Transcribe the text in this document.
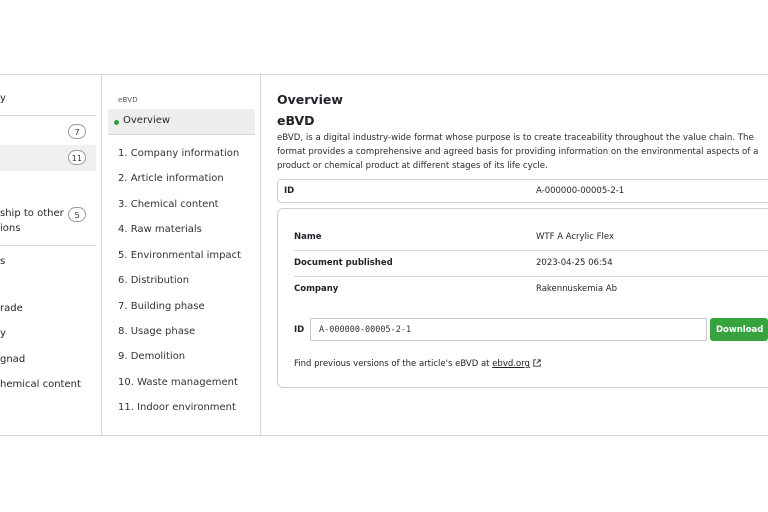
y
7
11
ship to other
ions
5
s
rade
y
gnad
hemical content
eBVD
Overview
1. Company information
2. Article information
3. Chemical content
4. Raw materials
5. Environmental impact
6. Distribution
7. Building phase
8. Usage phase
9. Demolition
10. Waste management
11. Indoor environment
Overview
eBVD
eBVD, is a digital industry-wide format whose purpose is to create traceability throughout the value chain. The format provides a comprehensive and agreed basis for providing information on the environmental aspects of a product or chemical product at different stages of its life cycle.
ID	A-000000-00005-2-1
Name	WTF A Acrylic Flex
Document published	2023-04-25 06:54
Company	Rakennuskemia Ab
ID
A-000000-00005-2-1	Download
Find previous versions of the article's eBVD at ebvd.org
